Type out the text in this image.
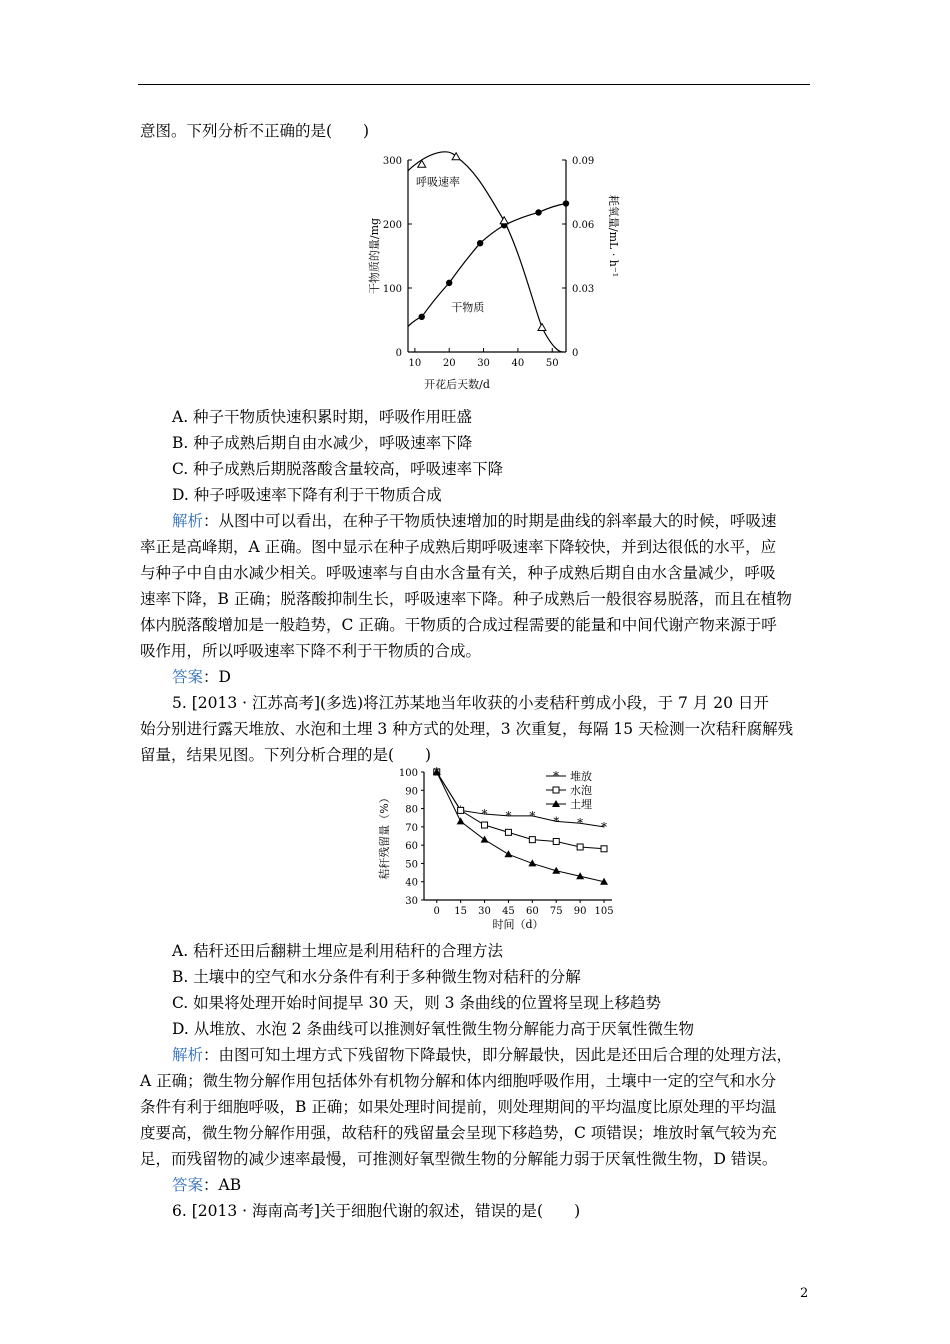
意图。下列分析不正确的是(　　)
10 20 30 40 50
0
100
200
300
0
0.03
0.06
0.09
开花后天数/d
干物质的量/mg	耗氧量/mL · h⁻¹
干物质
呼吸速率
A. 种子干物质快速积累时期，呼吸作用旺盛
B. 种子成熟后期自由水减少，呼吸速率下降
C. 种子成熟后期脱落酸含量较高，呼吸速率下降
D. 种子呼吸速率下降有利于干物质合成
解析：从图中可以看出，在种子干物质快速增加的时期是曲线的斜率最大的时候，呼吸速
率正是高峰期，A 正确。图中显示在种子成熟后期呼吸速率下降较快，并到达很低的水平，应
与种子中自由水减少相关。呼吸速率与自由水含量有关，种子成熟后期自由水含量减少，呼吸
速率下降，B 正确；脱落酸抑制生长，呼吸速率下降。种子成熟后一般很容易脱落，而且在植物
体内脱落酸增加是一般趋势，C 正确。干物质的合成过程需要的能量和中间代谢产物来源于呼
吸作用，所以呼吸速率下降不利于干物质的合成。
答案：D
5. [2013 · 江苏高考](多选)将江苏某地当年收获的小麦秸秆剪成小段，于 7 月 20 日开
始分别进行露天堆放、水泡和土埋 3 种方式的处理，3 次重复，每隔 15 天检测一次秸秆腐解残
留量，结果见图。下列分析合理的是(　　)
0 15 30 45 60 75 90 105
30
40
50
60
70
80
90
100
时间（d）
秸秆残留量（%）	* * * * * *
* 堆放
水泡
土埋
A. 秸秆还田后翻耕土埋应是利用秸秆的合理方法
B. 土壤中的空气和水分条件有利于多种微生物对秸秆的分解
C. 如果将处理开始时间提早 30 天，则 3 条曲线的位置将呈现上移趋势
D. 从堆放、水泡 2 条曲线可以推测好氧性微生物分解能力高于厌氧性微生物
解析：由图可知土埋方式下残留物下降最快，即分解最快，因此是还田后合理的处理方法，
A 正确；微生物分解作用包括体外有机物分解和体内细胞呼吸作用，土壤中一定的空气和水分
条件有利于细胞呼吸，B 正确；如果处理时间提前，则处理期间的平均温度比原处理的平均温
度要高，微生物分解作用强，故秸秆的残留量会呈现下移趋势，C 项错误；堆放时氧气较为充
足，而残留物的减少速率最慢，可推测好氧型微生物的分解能力弱于厌氧性微生物，D 错误。
答案：AB
6. [2013 · 海南高考]关于细胞代谢的叙述，错误的是(　　)
2
